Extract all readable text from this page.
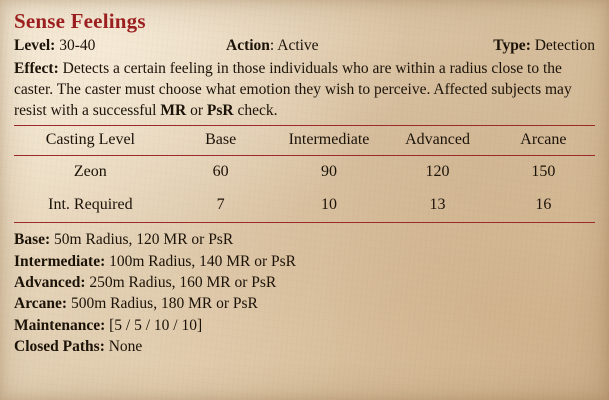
Sense Feelings
Level: 30-40	Action: Active	Type: Detection
Effect: Detects a certain feeling in those individuals who are within a radius close to the caster. The caster must choose what emotion they wish to perceive. Affected subjects may resist with a successful MR or PsR check.
Casting Level	Base	Intermediate	Advanced	Arcane
Zeon	60	90	120	150
Int. Required	7	10	13	16
Base: 50m Radius, 120 MR or PsR
Intermediate: 100m Radius, 140 MR or PsR
Advanced: 250m Radius, 160 MR or PsR
Arcane: 500m Radius, 180 MR or PsR
Maintenance: [5 / 5 / 10 / 10]
Closed Paths: None
